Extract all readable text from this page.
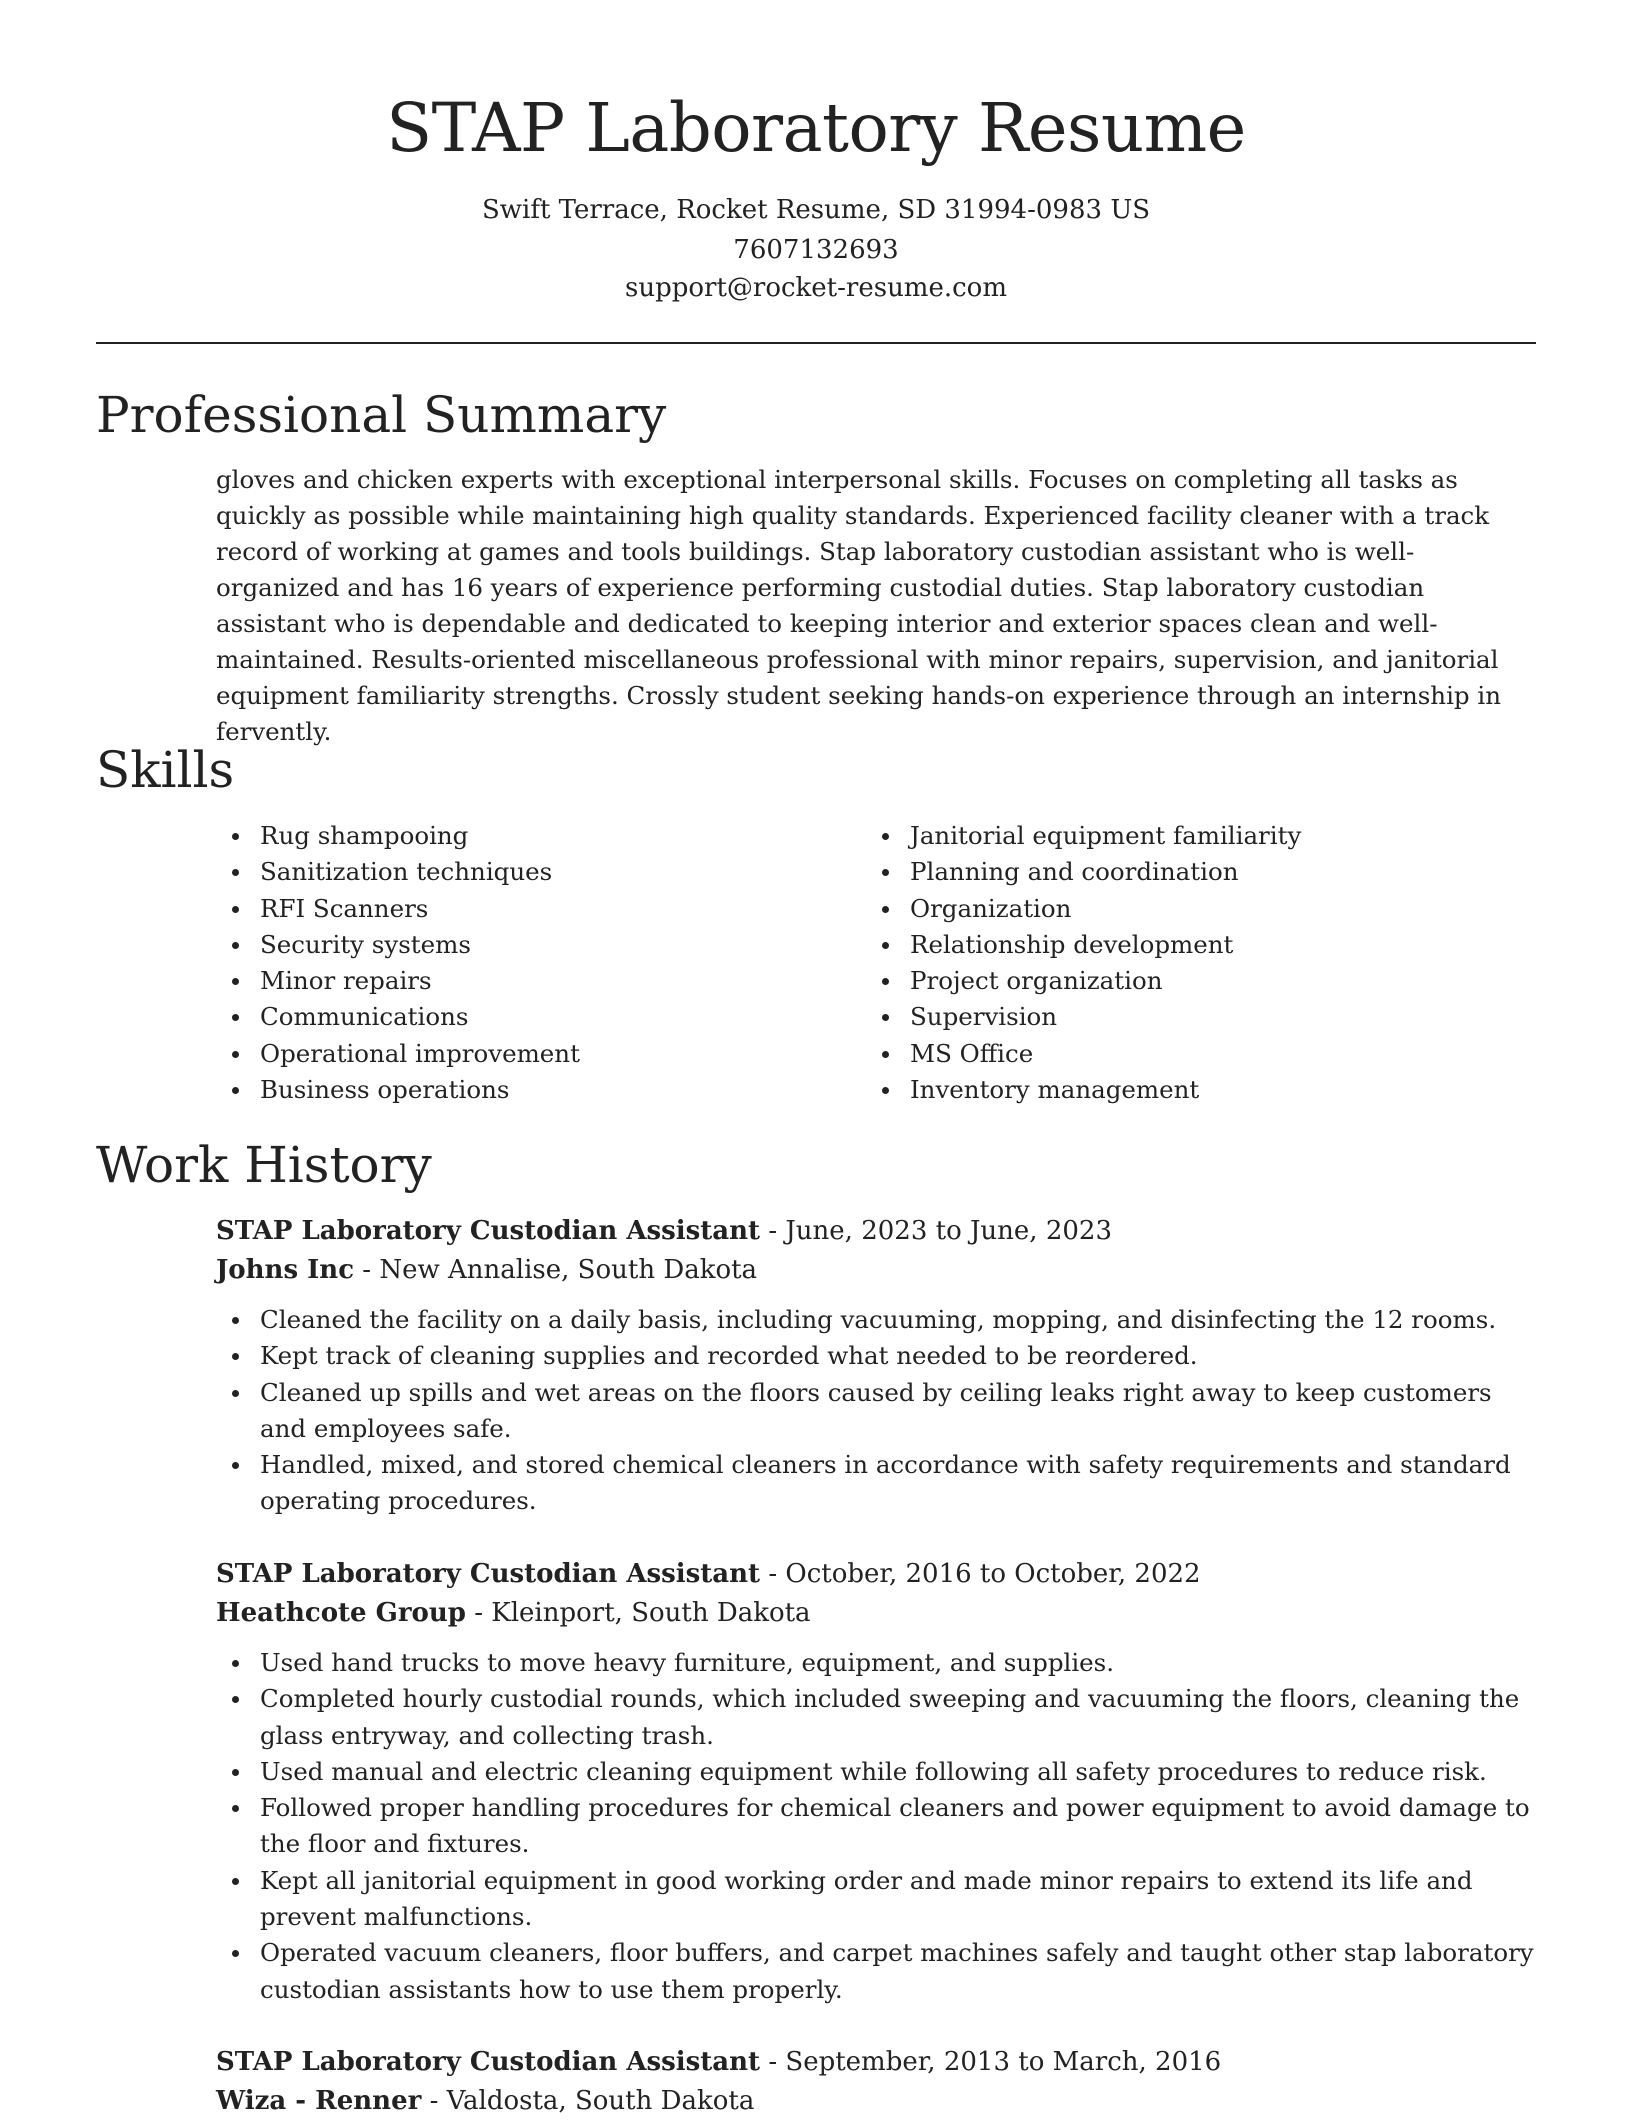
STAP Laboratory Resume

Swift Terrace, Rocket Resume, SD 31994-0983 US

7607132693

support@rocket-resume.com

Professional Summary

gloves and chicken experts with exceptional interpersonal skills. Focuses on completing all tasks as quickly as possible while maintaining high quality standards. Experienced facility cleaner with a track record of working at games and tools buildings. Stap laboratory custodian assistant who is well-organized and has 16 years of experience performing custodial duties. Stap laboratory custodian assistant who is dependable and dedicated to keeping interior and exterior spaces clean and well-maintained. Results-oriented miscellaneous professional with minor repairs, supervision, and janitorial equipment familiarity strengths. Crossly student seeking hands-on experience through an internship in fervently.

Skills
Rug shampooing
Sanitization techniques
RFI Scanners
Security systems
Minor repairs
Communications
Operational improvement
Business operations
Janitorial equipment familiarity
Planning and coordination
Organization
Relationship development
Project organization
Supervision
MS Office
Inventory management
Work History

STAP Laboratory Custodian Assistant - June, 2023 to June, 2023

Johns Inc - New Annalise, South Dakota

Cleaned the facility on a daily basis, including vacuuming, mopping, and disinfecting the 12 rooms.
Kept track of cleaning supplies and recorded what needed to be reordered.
Cleaned up spills and wet areas on the floors caused by ceiling leaks right away to keep customers and employees safe.
Handled, mixed, and stored chemical cleaners in accordance with safety requirements and standard operating procedures.

STAP Laboratory Custodian Assistant - October, 2016 to October, 2022

Heathcote Group - Kleinport, South Dakota

Used hand trucks to move heavy furniture, equipment, and supplies.
Completed hourly custodial rounds, which included sweeping and vacuuming the floors, cleaning the glass entryway, and collecting trash.
Used manual and electric cleaning equipment while following all safety procedures to reduce risk.
Followed proper handling procedures for chemical cleaners and power equipment to avoid damage to the floor and fixtures.
Kept all janitorial equipment in good working order and made minor repairs to extend its life and prevent malfunctions.
Operated vacuum cleaners, floor buffers, and carpet machines safely and taught other stap laboratory custodian assistants how to use them properly.

STAP Laboratory Custodian Assistant - September, 2013 to March, 2016

Wiza - Renner - Valdosta, South Dakota
